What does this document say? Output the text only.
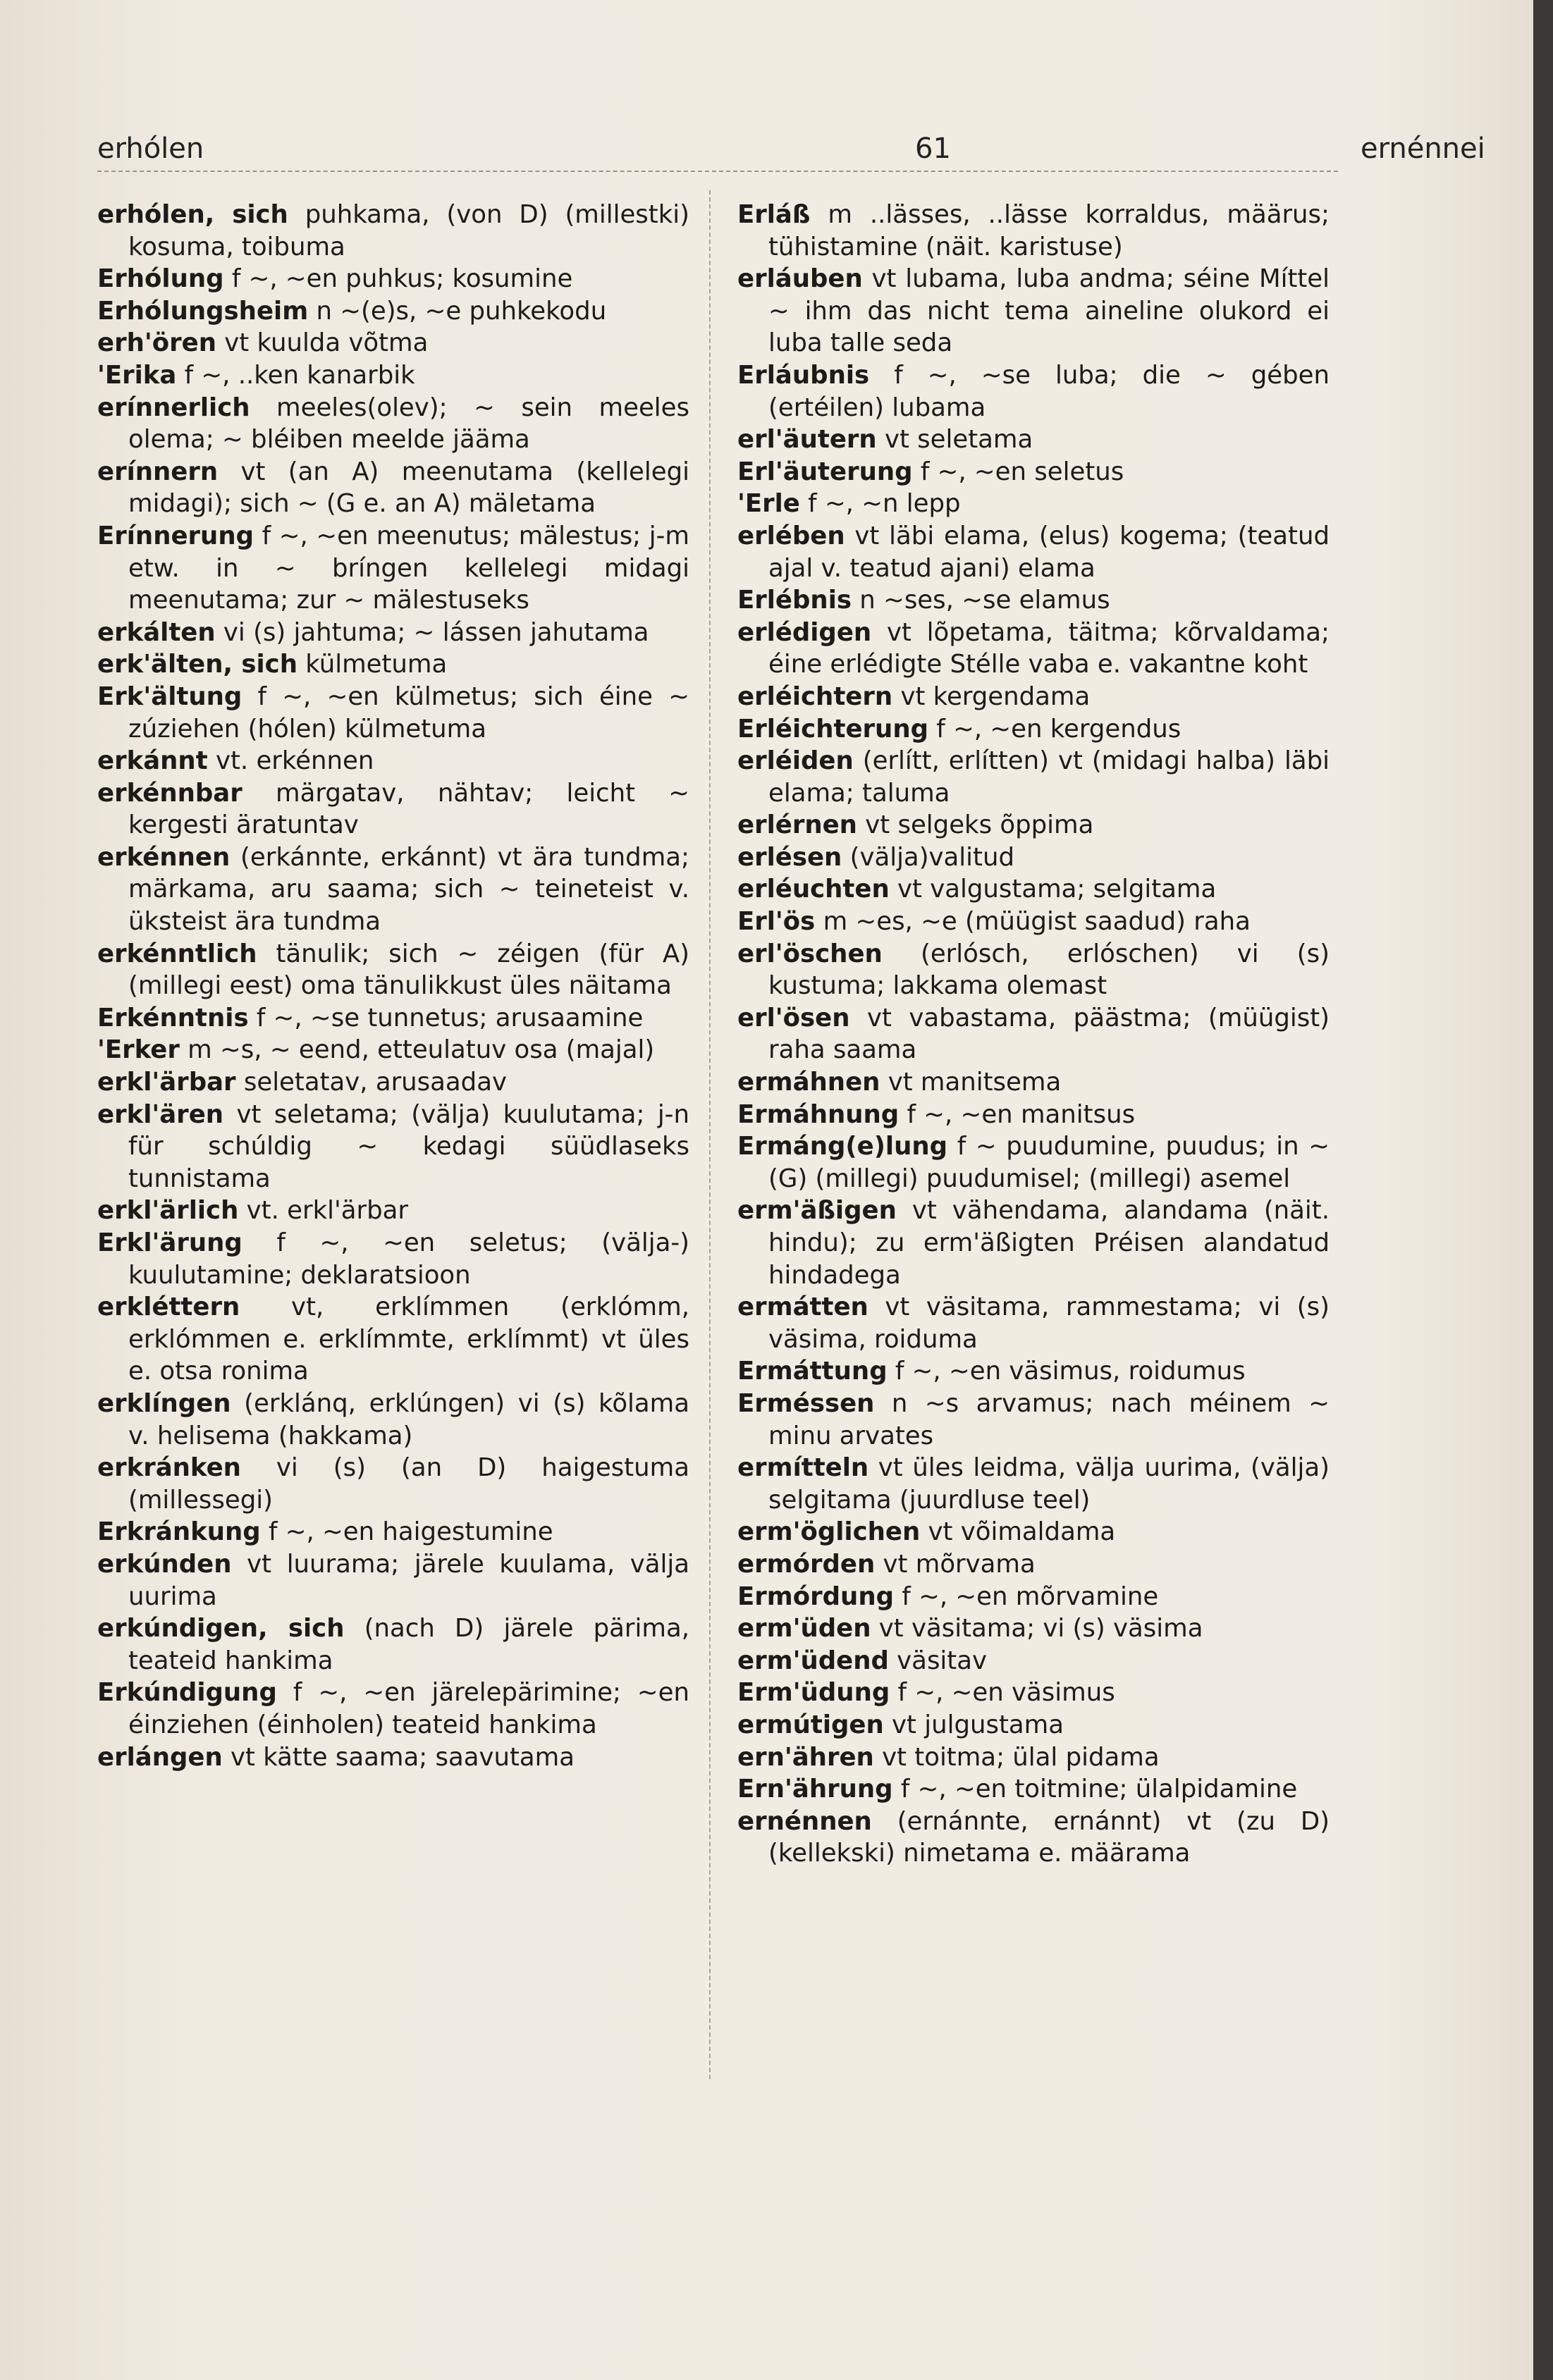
erhólen	61	ernénnei

erhólen, sich puhkama, (von D) (millestki) kosuma, toibuma

Erhólung f ~, ~en puhkus; kosumine

Erhólungsheim n ~(e)s, ~e puhkekodu

erh'ören vt kuulda võtma

'Erika f ~, ..ken kanarbik

erínnerlich meeles(olev); ~ sein meeles olema; ~ bléiben meelde jääma

erínnern vt (an A) meenutama (kellelegi midagi); sich ~ (G e. an A) mäletama

Erínnerung f ~, ~en meenutus; mälestus; j-m etw. in ~ bríngen kellelegi midagi meenutama; zur ~ mälestuseks

erkálten vi (s) jahtuma; ~ lássen jahutama

erk'älten, sich külmetuma

Erk'ältung f ~, ~en külmetus; sich éine ~ zúziehen (hólen) külmetuma

erkánnt vt. erkénnen

erkénnbar märgatav, nähtav; leicht ~ kergesti äratuntav

erkénnen (erkánnte, erkánnt) vt ära tundma; märkama, aru saama; sich ~ teineteist v. üksteist ära tundma

erkénntlich tänulik; sich ~ zéigen (für A) (millegi eest) oma tänulikkust üles näitama

Erkénntnis f ~, ~se tunnetus; arusaamine

'Erker m ~s, ~ eend, etteulatuv osa (majal)

erkl'ärbar seletatav, arusaadav

erkl'ären vt seletama; (välja) kuulutama; j-n für schúldig ~ kedagi süüdlaseks tunnistama

erkl'ärlich vt. erkl'ärbar

Erkl'ärung f ~, ~en seletus; (välja-) kuulutamine; deklaratsioon

erkléttern vt, erklímmen (erklómm, erklómmen e. erklímmte, erklímmt) vt üles e. otsa ronima

erklíngen (erklánq, erklúngen) vi (s) kõlama v. helisema (hakkama)

erkránken vi (s) (an D) haigestuma (millessegi)

Erkránkung f ~, ~en haigestumine

erkúnden vt luurama; järele kuulama, välja uurima

erkúndigen, sich (nach D) järele pärima, teateid hankima

Erkúndigung f ~, ~en järelepärimine; ~en éinziehen (éinholen) teateid hankima

erlángen vt kätte saama; saavutama

Erláß m ..lässes, ..lässe korraldus, määrus; tühistamine (näit. karistuse)

erláuben vt lubama, luba andma; séine Míttel ~ ihm das nicht tema aineline olukord ei luba talle seda

Erláubnis f ~, ~se luba; die ~ gében (ertéilen) lubama

erl'äutern vt seletama

Erl'äuterung f ~, ~en seletus

'Erle f ~, ~n lepp

erlében vt läbi elama, (elus) kogema; (teatud ajal v. teatud ajani) elama

Erlébnis n ~ses, ~se elamus

erlédigen vt lõpetama, täitma; kõrvaldama; éine erlédigte Stélle vaba e. vakantne koht

erléichtern vt kergendama

Erléichterung f ~, ~en kergendus

erléiden (erlítt, erlítten) vt (midagi halba) läbi elama; taluma

erlérnen vt selgeks õppima

erlésen (välja)valitud

erléuchten vt valgustama; selgitama

Erl'ös m ~es, ~e (müügist saadud) raha

erl'öschen (erlósch, erlóschen) vi (s) kustuma; lakkama olemast

erl'ösen vt vabastama, päästma; (müügist) raha saama

ermáhnen vt manitsema

Ermáhnung f ~, ~en manitsus

Ermáng(e)lung f ~ puudumine, puudus; in ~ (G) (millegi) puudumisel; (millegi) asemel

erm'äßigen vt vähendama, alandama (näit. hindu); zu erm'äßigten Préisen alandatud hindadega

ermátten vt väsitama, rammestama; vi (s) väsima, roiduma

Ermáttung f ~, ~en väsimus, roidumus

Erméssen n ~s arvamus; nach méinem ~ minu arvates

ermítteln vt üles leidma, välja uurima, (välja) selgitama (juurdluse teel)

erm'öglichen vt võimaldama

ermórden vt mõrvama

Ermórdung f ~, ~en mõrvamine

erm'üden vt väsitama; vi (s) väsima

erm'üdend väsitav

Erm'üdung f ~, ~en väsimus

ermútigen vt julgustama

ern'ähren vt toitma; ülal pidama

Ern'ährung f ~, ~en toitmine; ülalpidamine

ernénnen (ernánnte, ernánnt) vt (zu D) (kellekski) nimetama e. määrama
